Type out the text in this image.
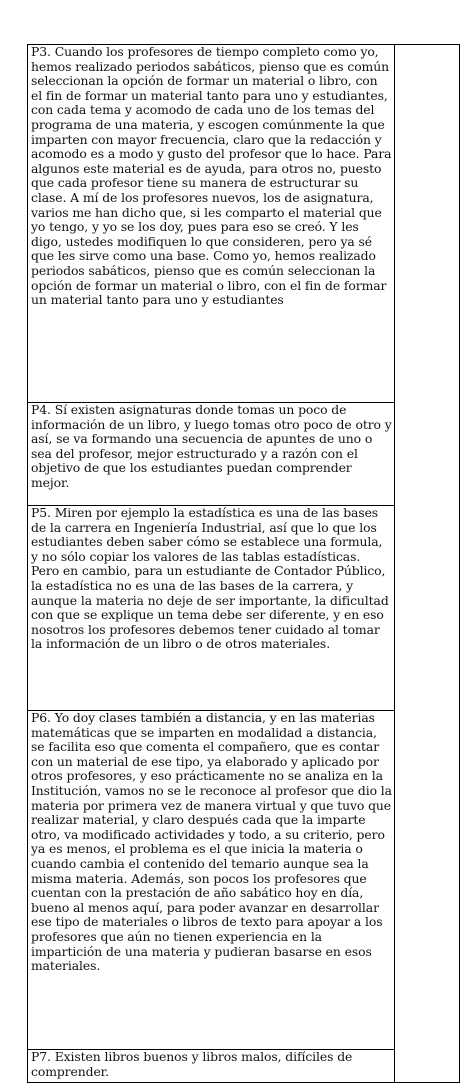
P3. Cuando los profesores de tiempo completo como yo, hemos realizado periodos sabáticos, pienso que es común seleccionan la opción de formar un material o libro, con el fin de formar un material tanto para uno y estudiantes, con cada tema y acomodo de cada uno de los temas del programa de una materia, y escogen comúnmente la que imparten con mayor frecuencia, claro que la redacción y acomodo es a modo y gusto del profesor que lo hace. Para algunos este material es de ayuda, para otros no, puesto que cada profesor tiene su manera de estructurar su clase. A mí de los profesores nuevos, los de asignatura, varios me han dicho que, si les comparto el material que yo tengo, y yo se los doy, pues para eso se creó. Y les digo, ustedes modifiquen lo que consideren, pero ya sé que les sirve como una base. Como yo, hemos realizado periodos sabáticos, pienso que es común seleccionan la opción de formar un material o libro, con el fin de formar un material tanto para uno y estudiantes

P4. Sí existen asignaturas donde tomas un poco de información de un libro, y luego tomas otro poco de otro y así, se va formando una secuencia de apuntes de uno o sea del profesor, mejor estructurado y a razón con el objetivo de que los estudiantes puedan comprender mejor.

P5. Miren por ejemplo la estadística es una de las bases de la carrera en Ingeniería Industrial, así que lo que los estudiantes deben saber cómo se establece una formula, y no sólo copiar los valores de las tablas estadísticas. Pero en cambio, para un estudiante de Contador Público, la estadística no es una de las bases de la carrera, y aunque la materia no deje de ser importante, la dificultad con que se explique un tema debe ser diferente, y en eso nosotros los profesores debemos tener cuidado al tomar la información de un libro o de otros materiales.

P6. Yo doy clases también a distancia, y en las materias matemáticas que se imparten en modalidad a distancia, se facilita eso que comenta el compañero, que es contar con un material de ese tipo, ya elaborado y aplicado por otros profesores, y eso prácticamente no se analiza en la Institución, vamos no se le reconoce al profesor que dio la materia por primera vez de manera virtual y que tuvo que realizar material, y claro después cada que la imparte otro, va modificado actividades y todo, a su criterio, pero ya es menos, el problema es el que inicia la materia o cuando cambia el contenido del temario aunque sea la misma materia. Además, son pocos los profesores que cuentan con la prestación de año sabático hoy en día, bueno al menos aquí, para poder avanzar en desarrollar ese tipo de materiales o libros de texto para apoyar a los profesores que aún no tienen experiencia en la impartición de una materia y pudieran basarse en esos materiales.

P7. Existen libros buenos y libros malos, difíciles de comprender.
